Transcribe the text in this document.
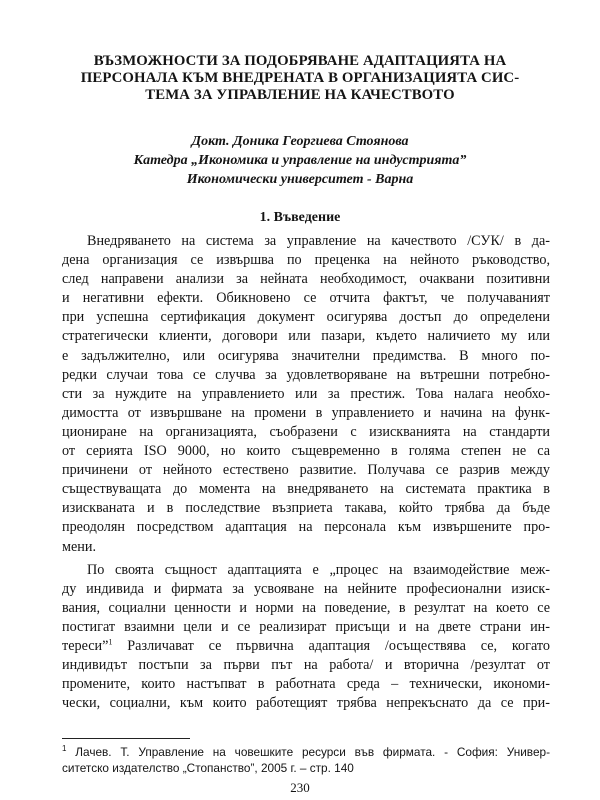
ВЪЗМОЖНОСТИ ЗА ПОДОБРЯВАНЕ АДАПТАЦИЯТА НА
ПЕРСОНАЛА КЪМ ВНЕДРЕНАТА В ОРГАНИЗАЦИЯТА СИС-
ТЕМА ЗА УПРАВЛЕНИЕ НА КАЧЕСТВОТО
Докт. Доника Георгиева Стоянова
Катедра „Икономика и управление на индустрията”
Икономически университет - Варна
1. Въведение
Внедряването на система за управление на качеството /СУК/ в да-
дена организация се извършва по преценка на нейното ръководство,
след направени анализи за нейната необходимост, очаквани позитивни
и негативни ефекти. Обикновено се отчита фактът, че получаваният
при успешна сертификация документ осигурява достъп до определени
стратегически клиенти, договори или пазари, където наличието му или
е задължително, или осигурява значителни предимства. В много по-
редки случаи това се случва за удовлетворяване на вътрешни потребно-
сти за нуждите на управлението или за престиж. Това налага необхо-
димостта от извършване на промени в управлението и начина на функ-
циониране на организацията, съобразени с изискванията на стандарти
от серията ISO 9000, но които същевременно в голяма степен не са
причинени от нейното естествено развитие. Получава се разрив между
съществуващата до момента на внедряването на системата практика в
изискваната и в последствие възприета такава, който трябва да бъде
преодолян посредством адаптация на персонала към извършените про-
мени.
По своята същност адаптацията е „процес на взаимодействие меж-
ду индивида и фирмата за усвояване на нейните професионални изиск-
вания, социални ценности и норми на поведение, в резултат на което се
постигат взаимни цели и се реализират присъщи и на двете страни ин-
тереси”$^1$ Различават се първична адаптация /осъществява се, когато
индивидът постъпи за първи път на работа/ и вторична /резултат от
промените, които настъпват в работната среда – технически, икономи-
чески, социални, към които работещият трябва непрекъснато да се при-
$^1$ Лачев. Т. Управление на човешките ресурси във фирмата. - София: Универ-
ситетско издателство „Стопанство”, 2005 г. – стр. 140
230
